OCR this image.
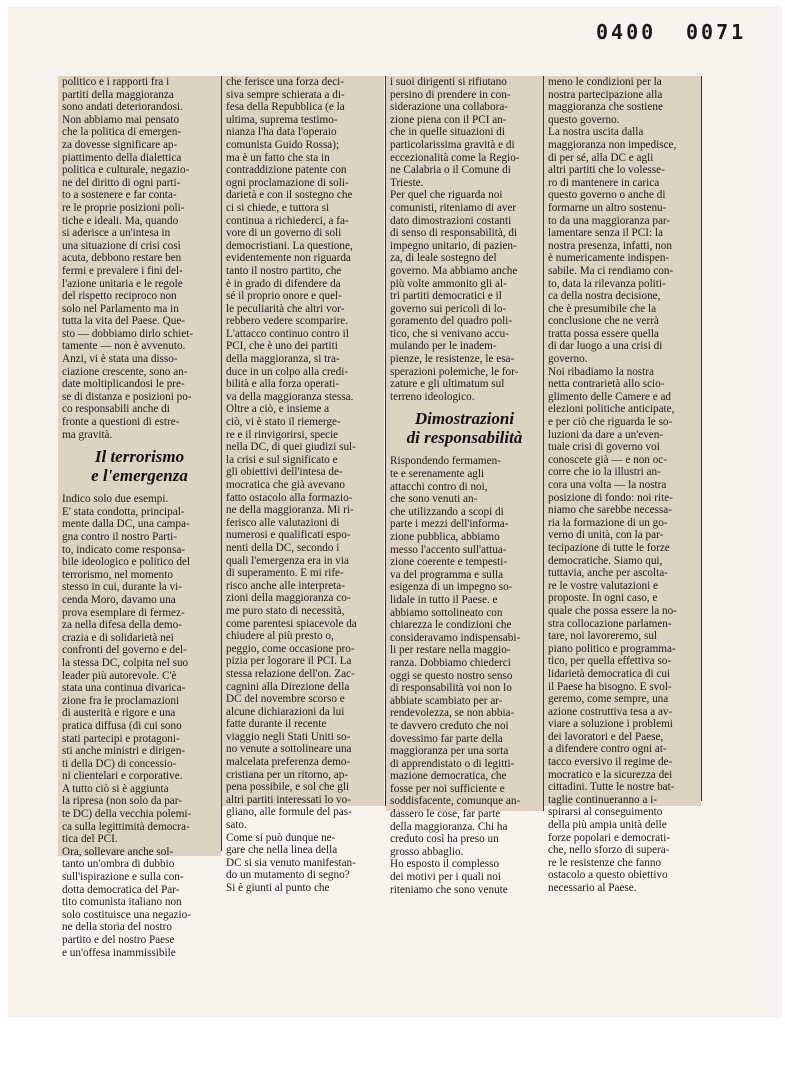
0400 0071

politico e i rapporti fra i
partiti della maggioranza
sono andati deteriorandosi.
Non abbiamo mai pensato
che la politica di emergen-
za dovesse significare ap-
piattimento della dialettica
politica e culturale, negazio-
ne del diritto di ogni parti-
to a sostenere e far conta-
re le proprie posizioni poli-
tiche e ideali. Ma, quando
si aderisce a un'intesa in
una situazione di crisi così
acuta, debbono restare ben
fermi e prevalere i fini del-
l'azione unitaria e le regole
del rispetto reciproco non
solo nel Parlamento ma in
tutta la vita del Paese. Que-
sto — dobbiamo dirlo schiet-
tamente — non è avvenuto.
Anzi, vi è stata una disso-
ciazione crescente, sono an-
date moltiplicandosi le pre-
se di distanza e posizioni po-
co responsabili anche di
fronte a questioni di estre-
ma gravità.

Il terrorismo
e l'emergenza

Indico solo due esempi.
E' stata condotta, principal-
mente dalla DC, una campa-
gna contro il nostro Parti-
to, indicato come responsa-
bile ideologico e politico del
terrorismo, nel momento
stesso in cui, durante la vi-
cenda Moro, davamo una
prova esemplare di fermez-
za nella difesa della demo-
crazia e di solidarietà nei
confronti del governo e del-
la stessa DC, colpita nel suo
leader più autorevole. C'è
stata una continua divarica-
zione fra le proclamazioni
di austerità e rigore e una
pratica diffusa (di cui sono
stati partecipi e protagoni-
sti anche ministri e dirigen-
ti della DC) di concessio-
ni clientelari e corporative.
A tutto ciò si è aggiunta
la ripresa (non solo da par-
te DC) della vecchia polemi-
ca sulla legittimità democra-
tica del PCI.
Ora, sollevare anche sol-
tanto un'ombra di dubbio
sull'ispirazione e sulla con-
dotta democratica del Par-
tito comunista italiano non
solo costituisce una negazio-
ne della storia del nostro
partito e del nostro Paese
e un'offesa inammissibile

che ferisce una forza deci-
siva sempre schierata a di-
fesa della Repubblica (e la
ultima, suprema testimo-
nianza l'ha data l'operaio
comunista Guido Rossa);
ma è un fatto che sta in
contraddizione patente con
ogni proclamazione di soli-
darietà e con il sostegno che
ci si chiede, e tuttora si
continua a richiederci, a fa-
vore di un governo di soli
democristiani. La questione,
evidentemente non riguarda
tanto il nostro partito, che
è in grado di difendere da
sé il proprio onore e quel-
le peculiarità che altri vor-
rebbero vedere scomparire.
L'attacco continuo contro il
PCI, che è uno dei partiti
della maggioranza, si tra-
duce in un colpo alla credi-
bilità e alla forza operati-
va della maggioranza stessa.
Oltre a ciò, e insieme a
ciò, vi è stato il riemerge-
re e il rinvigorirsi, specie
nella DC, di quei giudizi sul-
la crisi e sul significato e
gli obiettivi dell'intesa de-
mocratica che già avevano
fatto ostacolo alla formazio-
ne della maggioranza. Mi ri-
ferisco alle valutazioni di
numerosi e qualificati espo-
nenti della DC, secondo i
quali l'emergenza era in via
di superamento. E mi rife-
risco anche alle interpreta-
zioni della maggioranza co-
me puro stato di necessità,
come parentesi spiacevole da
chiudere al più presto o,
peggio, come occasione pro-
pizia per logorare il PCI. La
stessa relazione dell'on. Zac-
cagnini alla Direzione della
DC del novembre scorso e
alcune dichiarazioni da lui
fatte durante il recente
viaggio negli Stati Uniti so-
no venute a sottolineare una
malcelata preferenza demo-
cristiana per un ritorno, ap-
pena possibile, e sol che gli
altri partiti interessati lo vo-
gliano, alle formule del pas-
sato.
Come si può dunque ne-
gare che nella linea della
DC si sia venuto manifestan-
do un mutamento di segno?
Si è giunti al punto che

i suoi dirigenti si rifiutano
persino di prendere in con-
siderazione una collabora-
zione piena con il PCI an-
che in quelle situazioni di
particolarissima gravità e di
eccezionalità come la Regio-
ne Calabria o il Comune di
Trieste.
Per quel che riguarda noi
comunisti, riteniamo di aver
dato dimostrazioni costanti
di senso di responsabilità, di
impegno unitario, di pazien-
za, di leale sostegno del
governo. Ma abbiamo anche
più volte ammonito gli al-
tri partiti democratici e il
governo sui pericoli di lo-
goramento del quadro poli-
tico, che si venivano accu-
mulando per le inadem-
pienze, le resistenze, le esa-
sperazioni polemiche, le for-
zature e gli ultimatum sul
terreno ideologico.

Dimostrazioni
di responsabilità

Rispondendo fermamen-
te e serenamente agli
attacchi contro di noi,
che sono venuti an-
che utilizzando a scopi di
parte i mezzi dell'informa-
zione pubblica, abbiamo
messo l'accento sull'attua-
zione coerente e tempesti-
va del programma e sulla
esigenza di un impegno so-
lidale in tutto il Paese. e
abbiamo sottolineato con
chiarezza le condizioni che
consideravamo indispensabi-
li per restare nella maggio-
ranza. Dobbiamo chiederci
oggi se questo nostro senso
di responsabilità voi non lo
abbiate scambiato per ar-
rendevolezza, se non abbia-
te davvero creduto che noi
dovessimo far parte della
maggioranza per una sorta
di apprendistato o di legitti-
mazione democratica, che
fosse per noi sufficiente e
soddisfacente, comunque an-
dassero le cose, far parte
della maggioranza. Chi ha
creduto così ha preso un
grosso abbaglio.
Ho esposto il complesso
dei motivi per i quali noi
riteniamo che sono venute

meno le condizioni per la
nostra partecipazione alla
maggioranza che sostiene
questo governo.
La nostra uscita dalla
maggioranza non impedisce,
di per sé, alla DC e agli
altri partiti che lo volesse-
ro di mantenere in carica
questo governo o anche di
formarne un altro sostenu-
to da una maggioranza par-
lamentare senza il PCI: la
nostra presenza, infatti, non
è numericamente indispen-
sabile. Ma ci rendiamo con-
to, data la rilevanza politi-
ca della nostra decisione,
che è presumibile che la
conclusione che ne verrà
tratta possa essere quella
di dar luogo a una crisi di
governo.
Noi ribadiamo la nostra
netta contrarietà allo scio-
glimento delle Camere e ad
elezioni politiche anticipate,
e per ciò che riguarda le so-
luzioni da dare a un'even-
tuale crisi di governo voi
conoscete già — e non oc-
corre che io la illustri an-
cora una volta — la nostra
posizione di fondo: noi rite-
niamo che sarebbe necessa-
ria la formazione di un go-
verno di unità, con la par-
tecipazione di tutte le forze
democratiche. Siamo qui,
tuttavia, anche per ascolta-
re le vostre valutazioni e
proposte. In ogni caso, e
quale che possa essere la no-
stra collocazione parlamen-
tare, noi lavoreremo, sul
piano politico e programma-
tico, per quella effettiva so-
lidarietà democratica di cui
il Paese ha bisogno. E svol-
geremo, come sempre, una
azione costruttiva tesa a av-
viare a soluzione i problemi
dei lavoratori e del Paese,
a difendere contro ogni at-
tacco eversivo il regime de-
mocratico e la sicurezza dei
cittadini. Tutte le nostre bat-
taglie continueranno a i-
spirarsi al conseguimento
della più ampia unità delle
forze popolari e democrati-
che, nello sforzo di supera-
re le resistenze che fanno
ostacolo a questo obiettivo
necessario al Paese.
